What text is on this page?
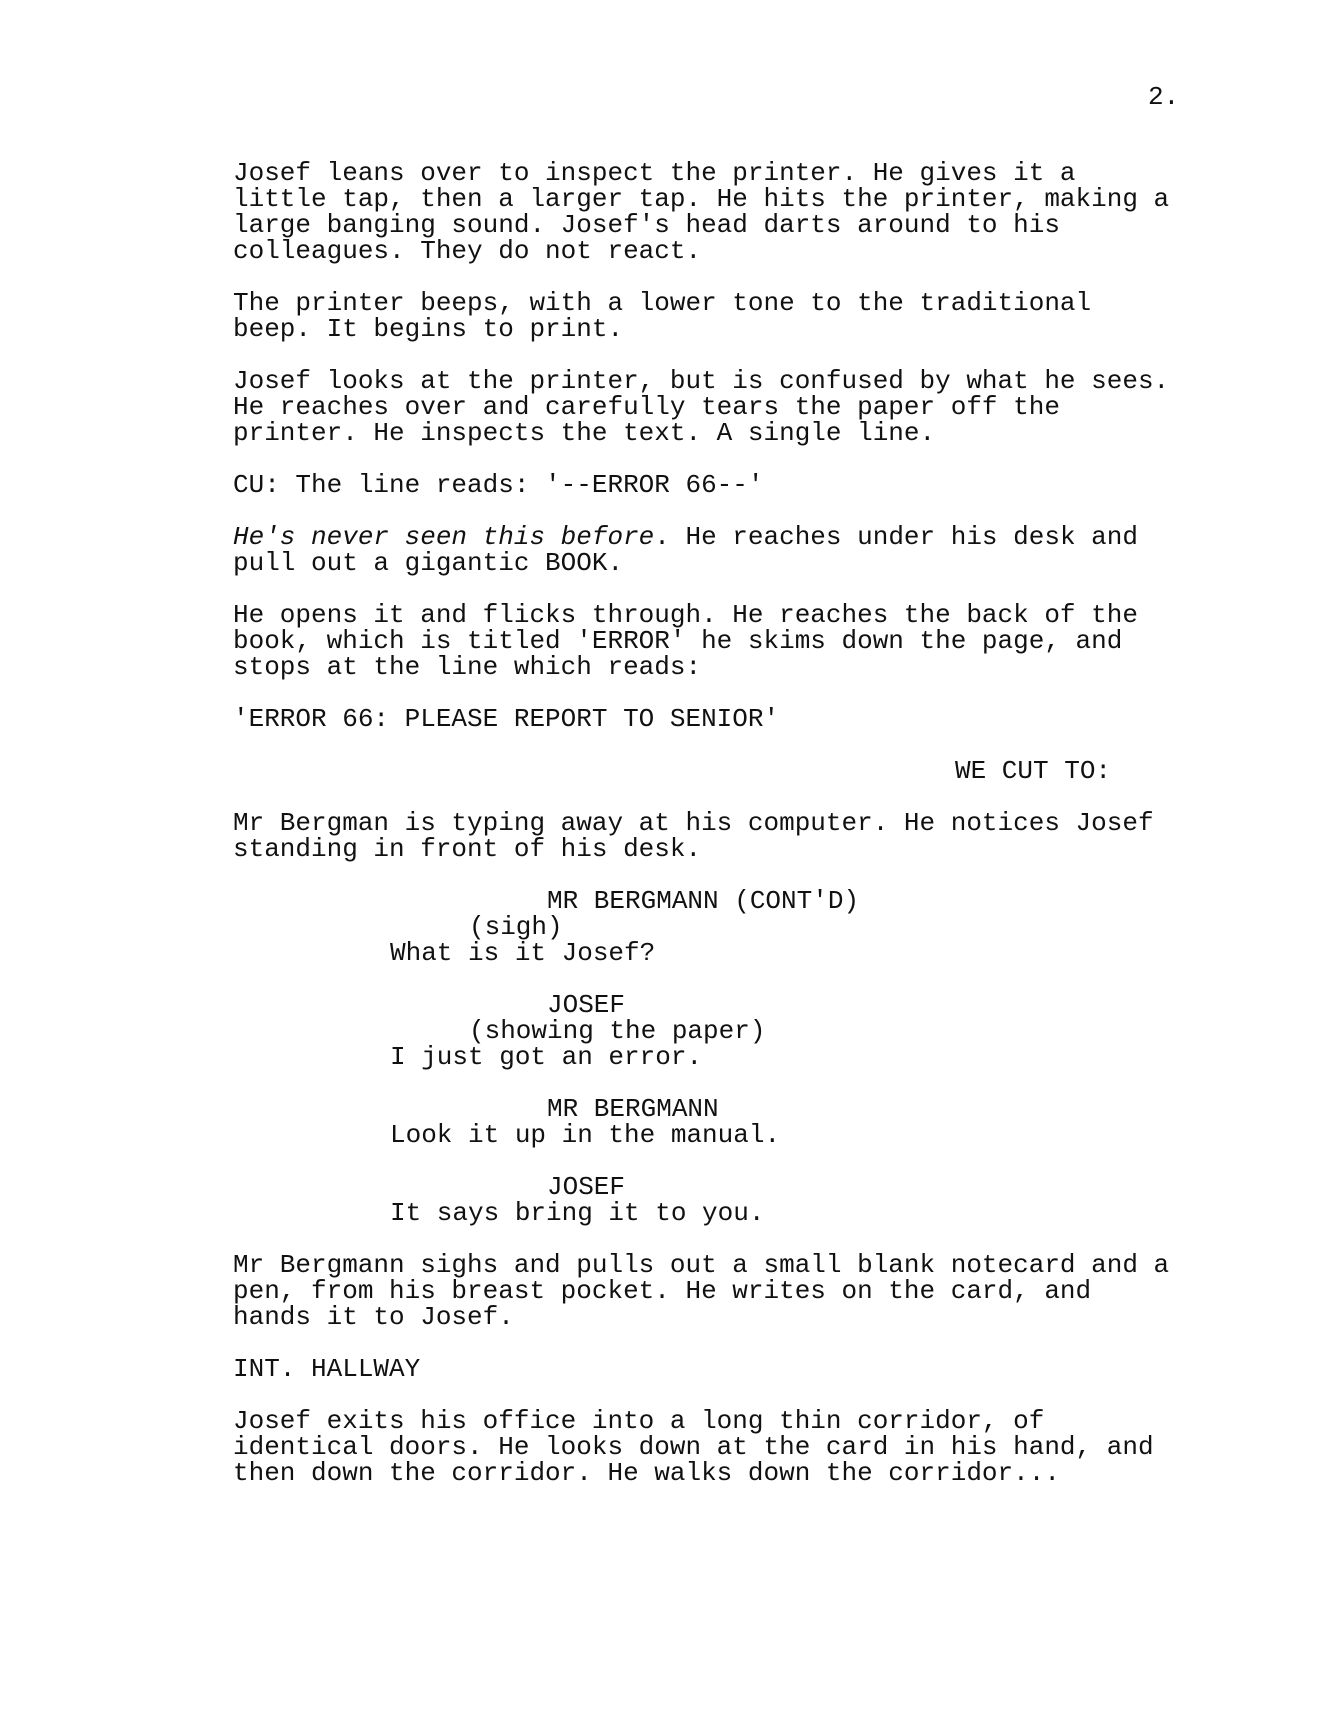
2.
Josef leans over to inspect the printer. He gives it a
little tap, then a larger tap. He hits the printer, making a
large banging sound. Josef's head darts around to his
colleagues. They do not react.
The printer beeps, with a lower tone to the traditional
beep. It begins to print.
Josef looks at the printer, but is confused by what he sees.
He reaches over and carefully tears the paper off the
printer. He inspects the text. A single line.
CU: The line reads: '--ERROR 66--'
He's never seen this before. He reaches under his desk and
pull out a gigantic BOOK.
He opens it and flicks through. He reaches the back of the
book, which is titled 'ERROR' he skims down the page, and
stops at the line which reads:
'ERROR 66: PLEASE REPORT TO SENIOR'
WE CUT TO:
Mr Bergman is typing away at his computer. He notices Josef
standing in front of his desk.
MR BERGMANN (CONT'D)
(sigh)
What is it Josef?
JOSEF
(showing the paper)
I just got an error.
MR BERGMANN
Look it up in the manual.
JOSEF
It says bring it to you.
Mr Bergmann sighs and pulls out a small blank notecard and a
pen, from his breast pocket. He writes on the card, and
hands it to Josef.
INT. HALLWAY
Josef exits his office into a long thin corridor, of
identical doors. He looks down at the card in his hand, and
then down the corridor. He walks down the corridor...
